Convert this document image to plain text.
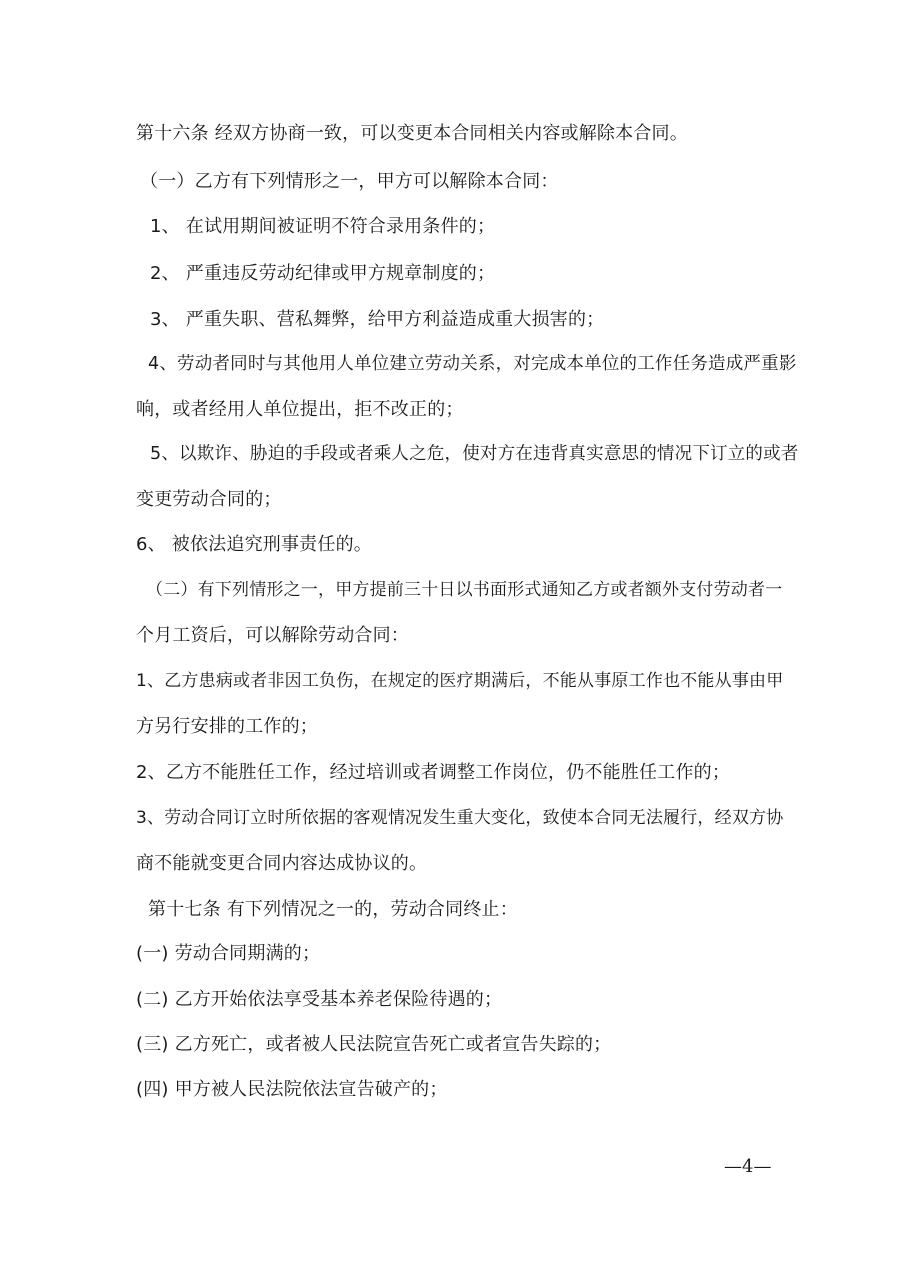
第十六条 经双方协商一致，可以变更本合同相关内容或解除本合同。
（一）乙方有下列情形之一，甲方可以解除本合同：
1、 在试用期间被证明不符合录用条件的；
2、 严重违反劳动纪律或甲方规章制度的；
3、 严重失职、营私舞弊，给甲方利益造成重大损害的；
4、劳动者同时与其他用人单位建立劳动关系，对完成本单位的工作任务造成严重影
响，或者经用人单位提出，拒不改正的；
5、以欺诈、胁迫的手段或者乘人之危，使对方在违背真实意思的情况下订立的或者
变更劳动合同的；
6、 被依法追究刑事责任的。
（二）有下列情形之一，甲方提前三十日以书面形式通知乙方或者额外支付劳动者一
个月工资后，可以解除劳动合同：
1、乙方患病或者非因工负伤，在规定的医疗期满后，不能从事原工作也不能从事由甲
方另行安排的工作的；
2、乙方不能胜任工作，经过培训或者调整工作岗位，仍不能胜任工作的；
3、劳动合同订立时所依据的客观情况发生重大变化，致使本合同无法履行，经双方协
商不能就变更合同内容达成协议的。
第十七条 有下列情况之一的，劳动合同终止：
(一) 劳动合同期满的；
(二) 乙方开始依法享受基本养老保险待遇的；
(三) 乙方死亡，或者被人民法院宣告死亡或者宣告失踪的；
(四) 甲方被人民法院依法宣告破产的；
—4—
